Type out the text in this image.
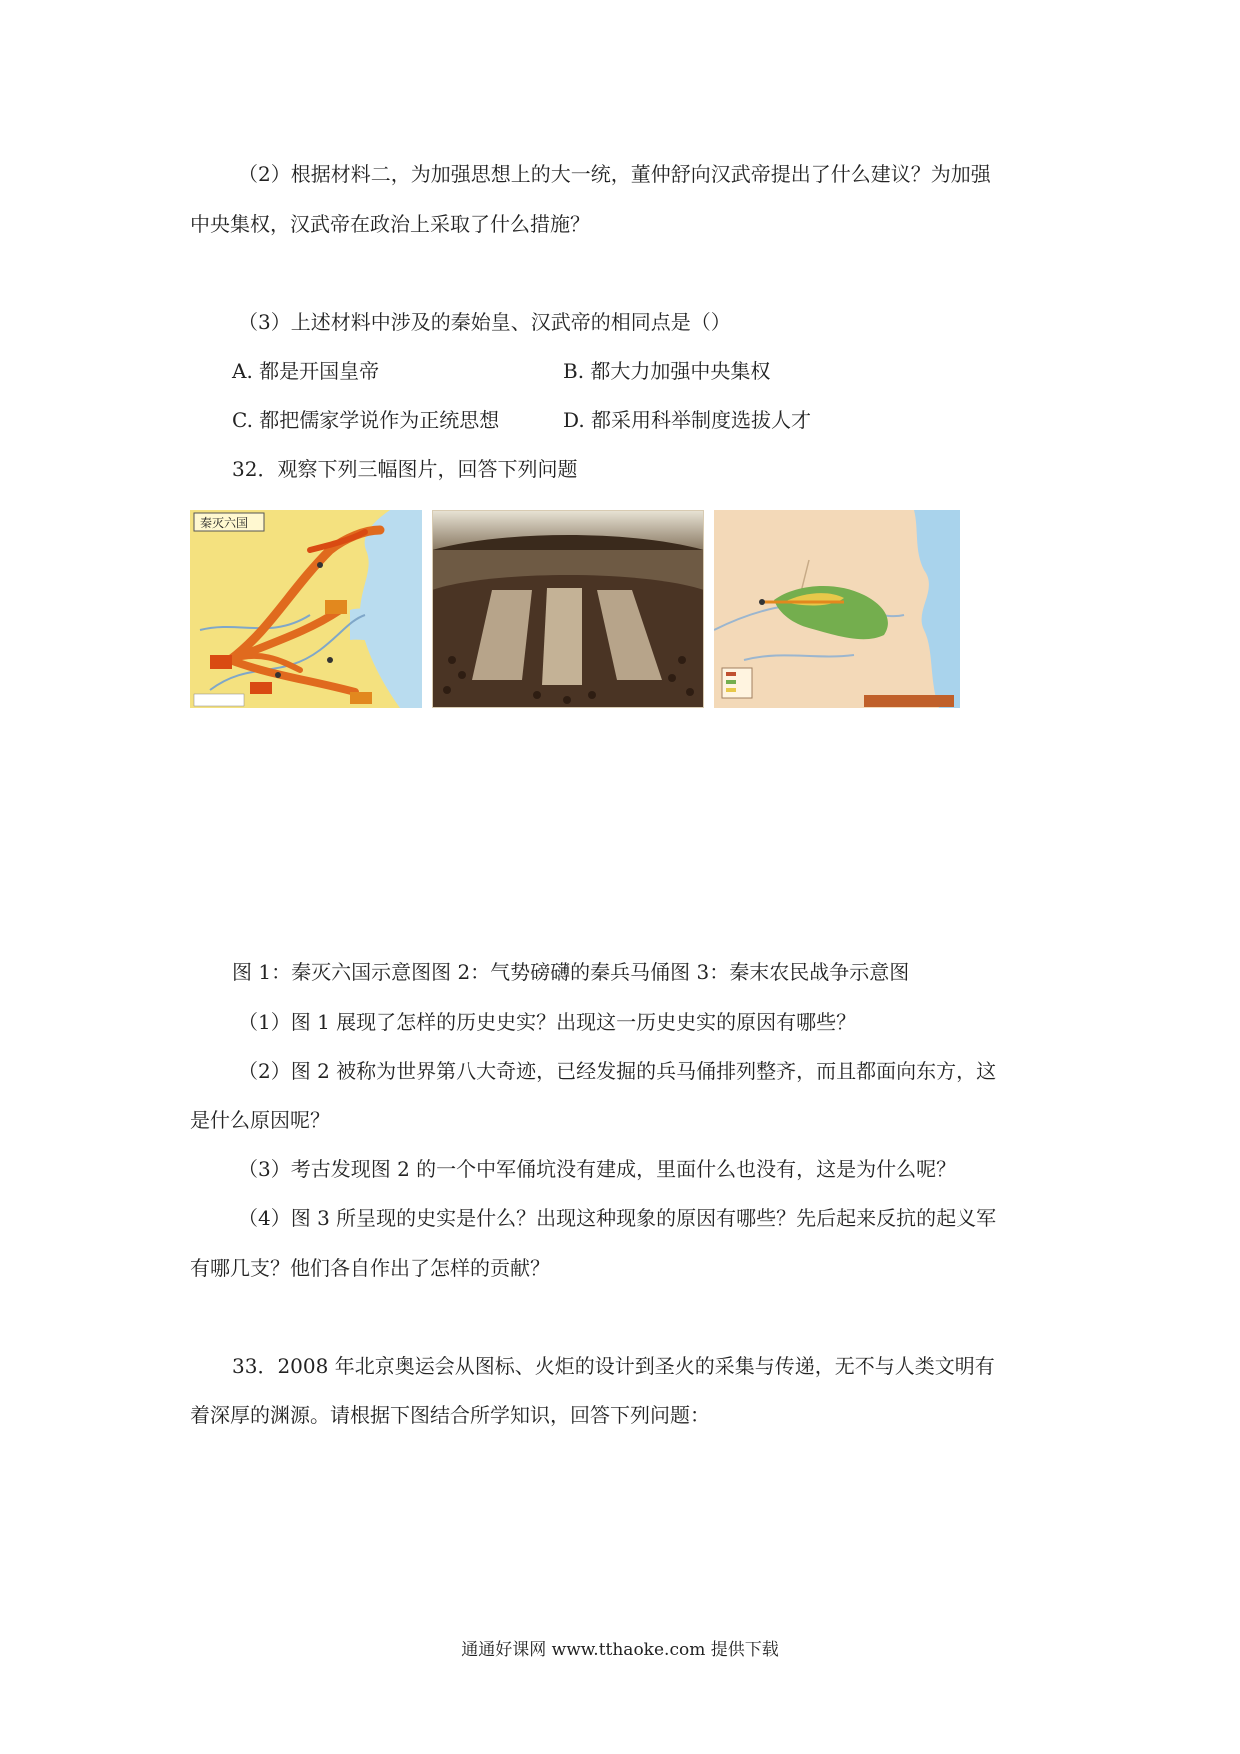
（2）根据材料二，为加强思想上的大一统，董仲舒向汉武帝提出了什么建议？为加强
中央集权，汉武帝在政治上采取了什么措施？
（3）上述材料中涉及的秦始皇、汉武帝的相同点是（）
A. 都是开国皇帝	B. 都大力加强中央集权
C. 都把儒家学说作为正统思想	D. 都采用科举制度选拔人才
32．观察下列三幅图片，回答下列问题
秦灭六国
图 1：秦灭六国示意图图 2：气势磅礴的秦兵马俑图 3：秦末农民战争示意图
（1）图 1 展现了怎样的历史史实？出现这一历史史实的原因有哪些？
（2）图 2 被称为世界第八大奇迹，已经发掘的兵马俑排列整齐，而且都面向东方，这
是什么原因呢？
（3）考古发现图 2 的一个中军俑坑没有建成，里面什么也没有，这是为什么呢？
（4）图 3 所呈现的史实是什么？出现这种现象的原因有哪些？先后起来反抗的起义军
有哪几支？他们各自作出了怎样的贡献？
33．2008 年北京奥运会从图标、火炬的设计到圣火的采集与传递，无不与人类文明有
着深厚的渊源。请根据下图结合所学知识，回答下列问题：
通通好课网 www.tthaoke.com 提供下载
